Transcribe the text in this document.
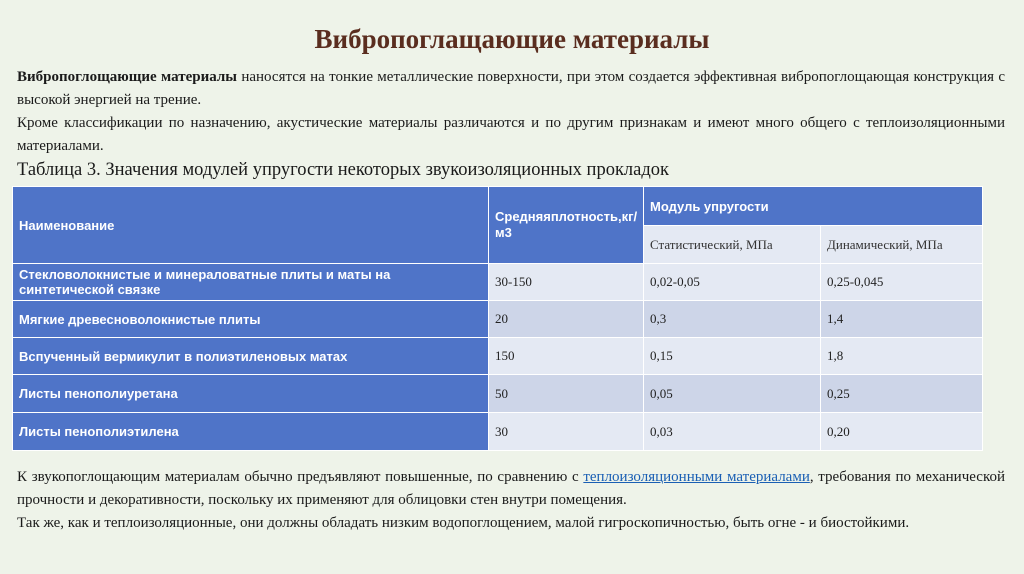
Вибропоглащающие материалы
Вибропоглощающие материалы наносятся на тонкие металлические поверхности, при этом создается эффективная вибропоглощающая конструкция с высокой энергией на трение.
Кроме классификации по назначению, акустические материалы различаются и по другим признакам и имеют много общего с теплоизоляционными материалами.
Таблица 3. Значения модулей упругости некоторых звукоизоляционных прокладок
Наименование	Средняяплотность,кг/м3	Модуль упругости	
		Статистический, МПа	Динамический, МПа
Стекловолокнистые и минераловатные плиты и маты на синтетической связке	30-150	0,02-0,05	0,25-0,045
Мягкие древесноволокнистые плиты	20	0,3	1,4
Вспученный вермикулит в полиэтиленовых матах	150	0,15	1,8
Листы пенополиуретана	50	0,05	0,25
Листы пенополиэтилена	30	0,03	0,20
К звукопоглощающим материалам обычно предъявляют повышенные, по сравнению с теплоизоляционными материалами, требования по механической прочности и декоративности, поскольку их применяют для облицовки стен внутри помещения.
Так же, как и теплоизоляционные, они должны обладать низким водопоглощением, малой гигроскопичностью, быть огне - и биостойкими.
